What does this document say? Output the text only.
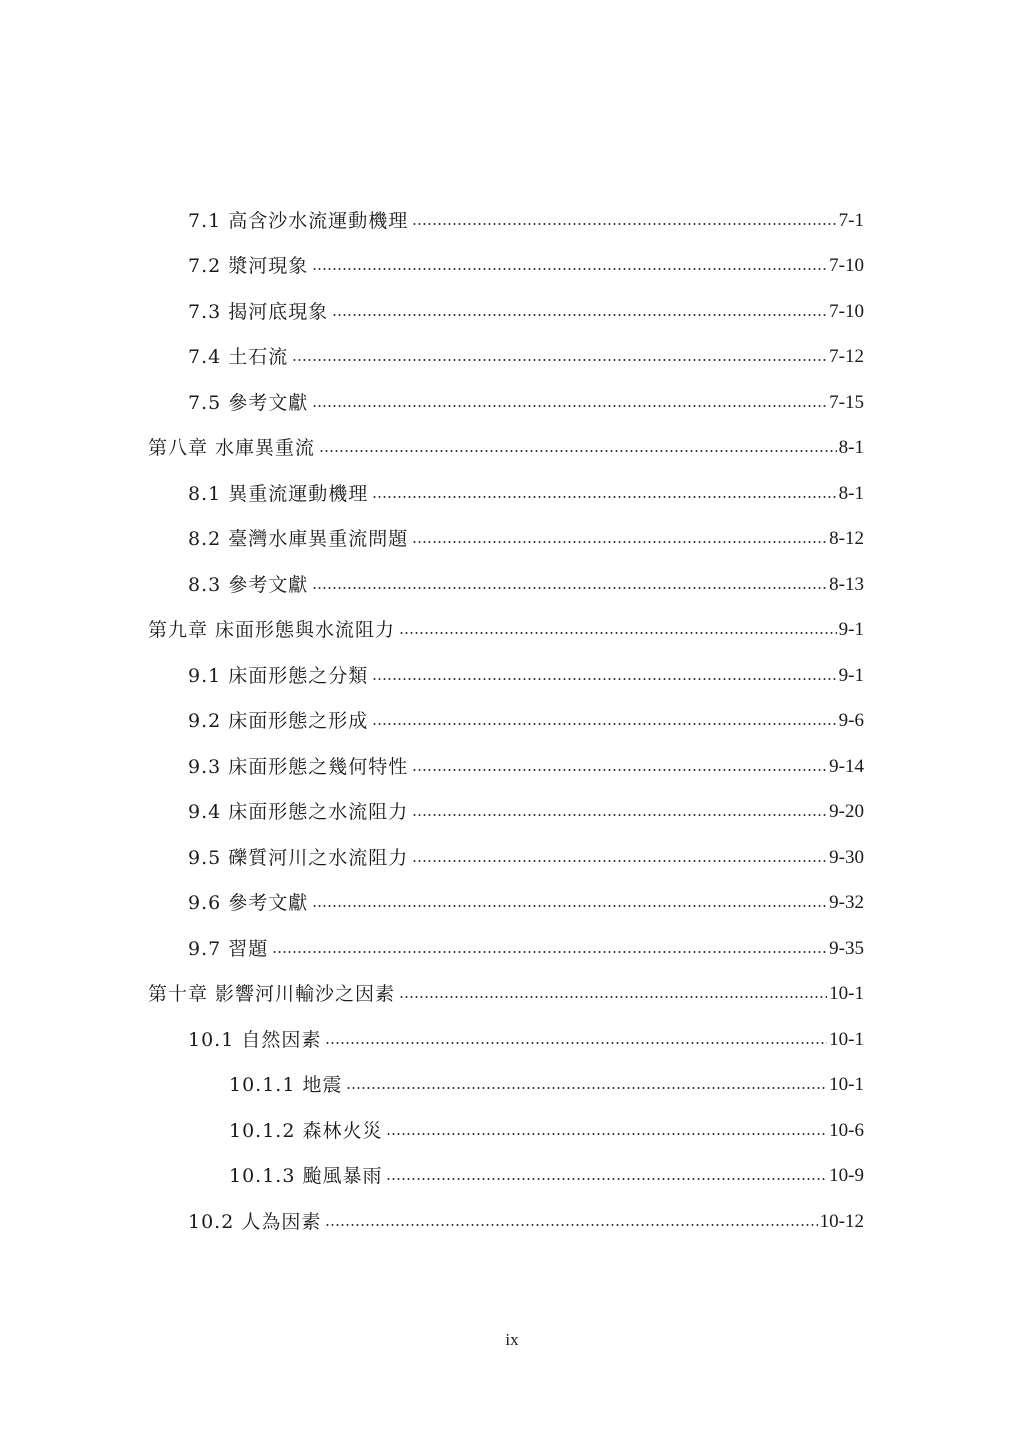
7.1 高含沙水流運動機理	7-1
7.2 漿河現象	7-10
7.3 揭河底現象	7-10
7.4 土石流	7-12
7.5 參考文獻	7-15
第八章 水庫異重流	8-1
8.1 異重流運動機理	8-1
8.2 臺灣水庫異重流問題	8-12
8.3 參考文獻	8-13
第九章 床面形態與水流阻力	9-1
9.1 床面形態之分類	9-1
9.2 床面形態之形成	9-6
9.3 床面形態之幾何特性	9-14
9.4 床面形態之水流阻力	9-20
9.5 礫質河川之水流阻力	9-30
9.6 參考文獻	9-32
9.7 習題	9-35
第十章 影響河川輸沙之因素	10-1
10.1 自然因素	10-1
10.1.1 地震	10-1
10.1.2 森林火災	10-6
10.1.3 颱風暴雨	10-9
10.2 人為因素	10-12
ix
